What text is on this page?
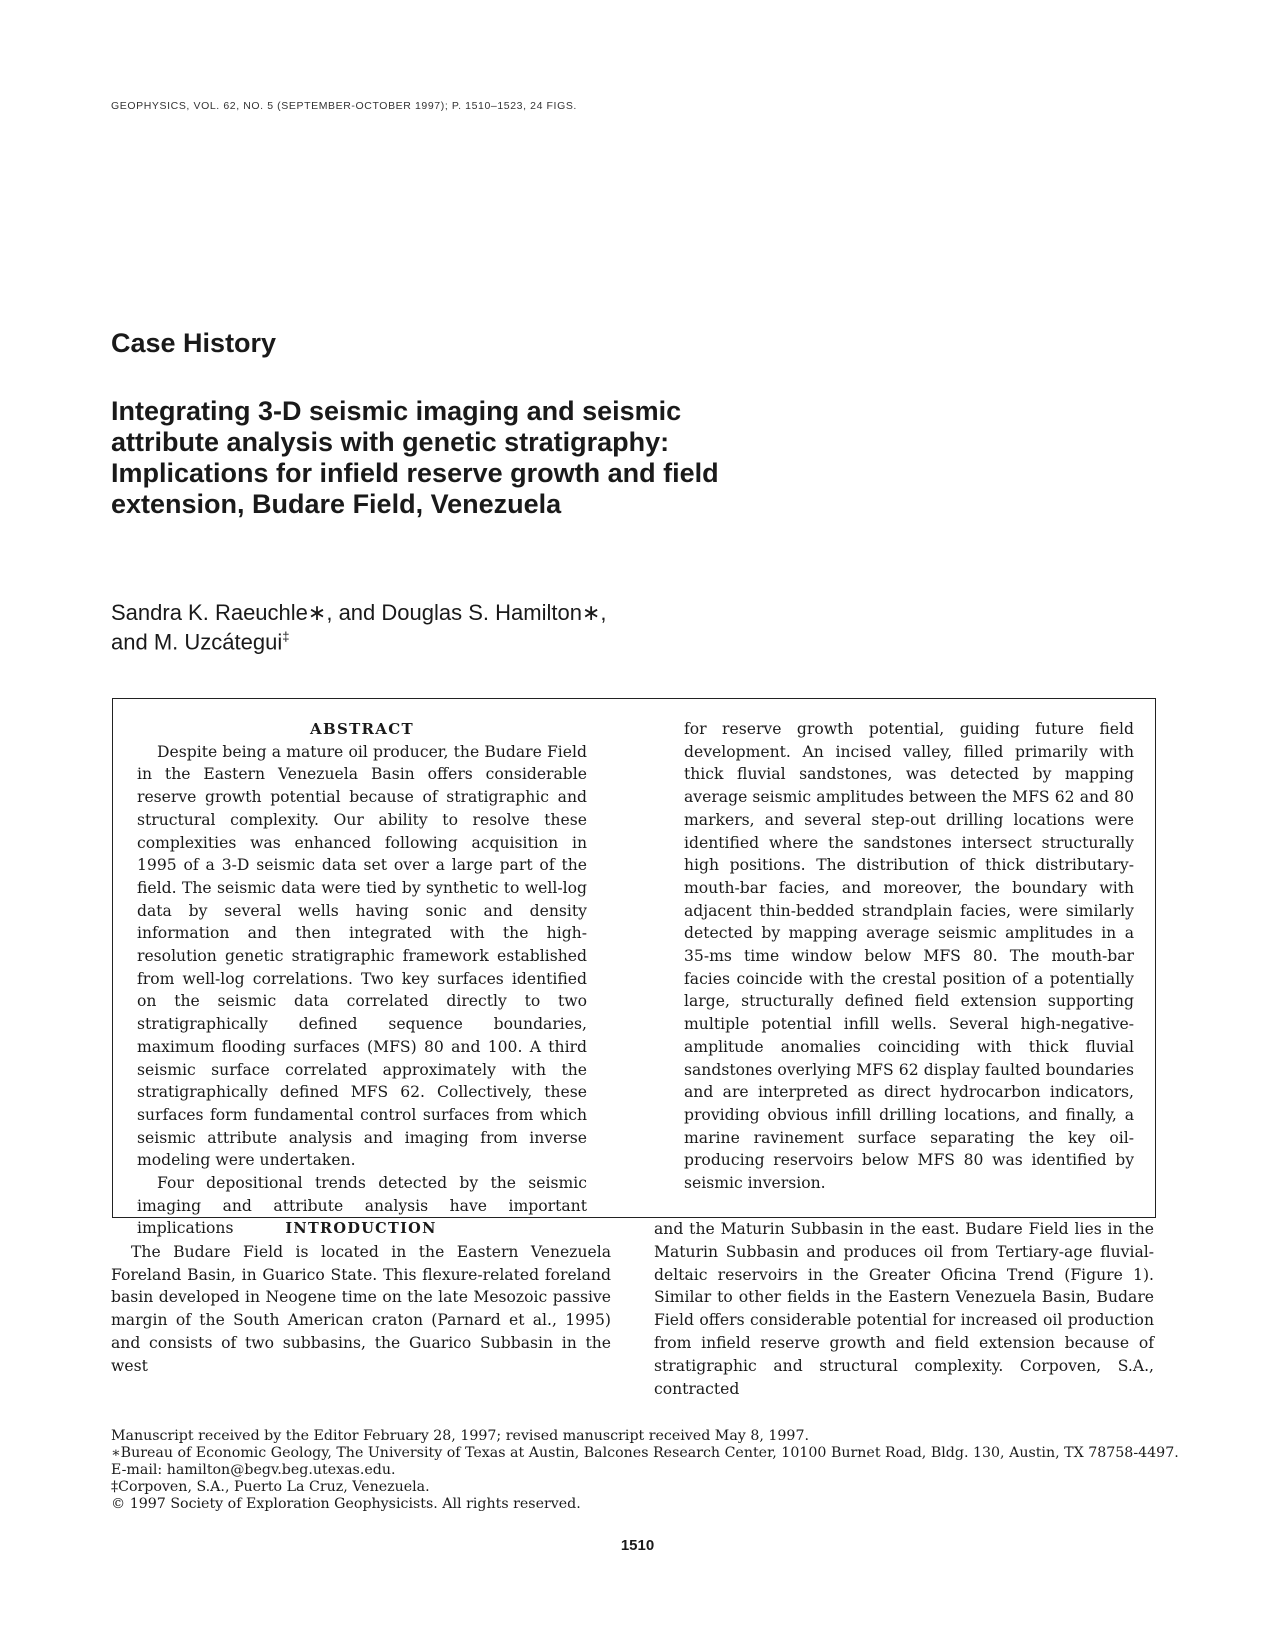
GEOPHYSICS, VOL. 62, NO. 5 (SEPTEMBER-OCTOBER 1997); P. 1510–1523, 24 FIGS.
Case History
Integrating 3-D seismic imaging and seismic attribute analysis with genetic stratigraphy: Implications for infield reserve growth and field extension, Budare Field, Venezuela
Sandra K. Raeuchle∗, and Douglas S. Hamilton∗,
and M. Uzcátegui‡

ABSTRACT

Despite being a mature oil producer, the Budare Field in the Eastern Venezuela Basin offers considerable reserve growth potential because of stratigraphic and structural complexity. Our ability to resolve these complexities was enhanced following acquisition in 1995 of a 3-D seismic data set over a large part of the field. The seismic data were tied by synthetic to well-log data by several wells having sonic and density information and then integrated with the high-resolution genetic stratigraphic framework established from well-log correlations. Two key surfaces identified on the seismic data correlated directly to two stratigraphically defined sequence boundaries, maximum flooding surfaces (MFS) 80 and 100. A third seismic surface correlated approximately with the stratigraphically defined MFS 62. Collectively, these surfaces form fundamental control surfaces from which seismic attribute analysis and imaging from inverse modeling were undertaken.

Four depositional trends detected by the seismic imaging and attribute analysis have important implications

for reserve growth potential, guiding future field development. An incised valley, filled primarily with thick fluvial sandstones, was detected by mapping average seismic amplitudes between the MFS 62 and 80 markers, and several step-out drilling locations were identified where the sandstones intersect structurally high positions. The distribution of thick distributary-mouth-bar facies, and moreover, the boundary with adjacent thin-bedded strandplain facies, were similarly detected by mapping average seismic amplitudes in a 35-ms time window below MFS 80. The mouth-bar facies coincide with the crestal position of a potentially large, structurally defined field extension supporting multiple potential infill wells. Several high-negative-amplitude anomalies coinciding with thick fluvial sandstones overlying MFS 62 display faulted boundaries and are interpreted as direct hydrocarbon indicators, providing obvious infill drilling locations, and finally, a marine ravinement surface separating the key oil-producing reservoirs below MFS 80 was identified by seismic inversion.

INTRODUCTION

The Budare Field is located in the Eastern Venezuela Foreland Basin, in Guarico State. This flexure-related foreland basin developed in Neogene time on the late Mesozoic passive margin of the South American craton (Parnard et al., 1995) and consists of two subbasins, the Guarico Subbasin in the west

and the Maturin Subbasin in the east. Budare Field lies in the Maturin Subbasin and produces oil from Tertiary-age fluvial-deltaic reservoirs in the Greater Oficina Trend (Figure 1). Similar to other fields in the Eastern Venezuela Basin, Budare Field offers considerable potential for increased oil production from infield reserve growth and field extension because of stratigraphic and structural complexity. Corpoven, S.A., contracted

Manuscript received by the Editor February 28, 1997; revised manuscript received May 8, 1997.
∗Bureau of Economic Geology, The University of Texas at Austin, Balcones Research Center, 10100 Burnet Road, Bldg. 130, Austin, TX 78758-4497.
E-mail: hamilton@begv.beg.utexas.edu.
‡Corpoven, S.A., Puerto La Cruz, Venezuela.
© 1997 Society of Exploration Geophysicists. All rights reserved.
1510
